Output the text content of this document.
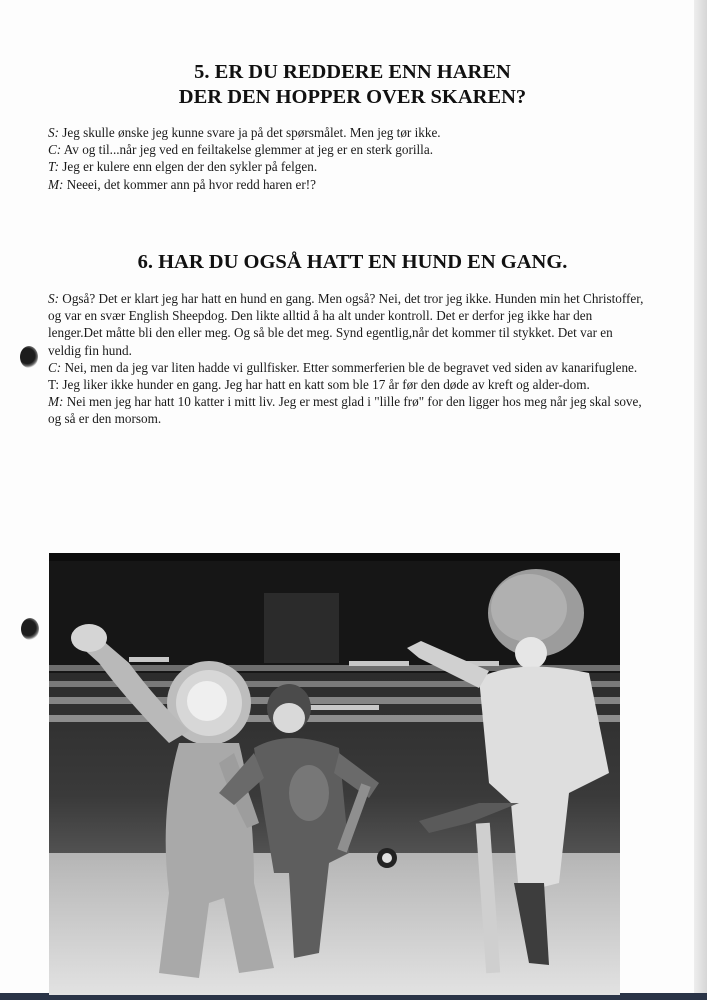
5. ER DU REDDERE ENN HAREN
DER DEN HOPPER OVER SKAREN?

S: Jeg skulle ønske jeg kunne svare ja på det spørsmålet. Men jeg tør ikke.

C: Av og til...når jeg ved en feiltakelse glemmer at jeg er en sterk gorilla.

T: Jeg er kulere enn elgen der den sykler på felgen.

M: Neeei, det kommer ann på hvor redd haren er!?

6. HAR DU OGSÅ HATT EN HUND EN GANG.

S: Også? Det er klart jeg har hatt en hund en gang. Men også? Nei, det tror jeg ikke. Hunden min het Christoffer, og var en svær English Sheepdog. Den likte alltid å ha alt under kontroll. Det er derfor jeg ikke har den lenger.Det måtte bli den eller meg. Og så ble det meg. Synd egentlig,når det kommer til stykket. Det var en veldig fin hund.

C: Nei, men da jeg var liten hadde vi gullfisker. Etter sommerferien ble de begravet ved siden av kanarifuglene.

T: Jeg liker ikke hunder en gang. Jeg har hatt en katt som ble 17 år før den døde av kreft og alder-dom.

M: Nei men jeg har hatt 10 katter i mitt liv. Jeg er mest glad i "lille frø" for den ligger hos meg når jeg skal sove, og så er den morsom.
